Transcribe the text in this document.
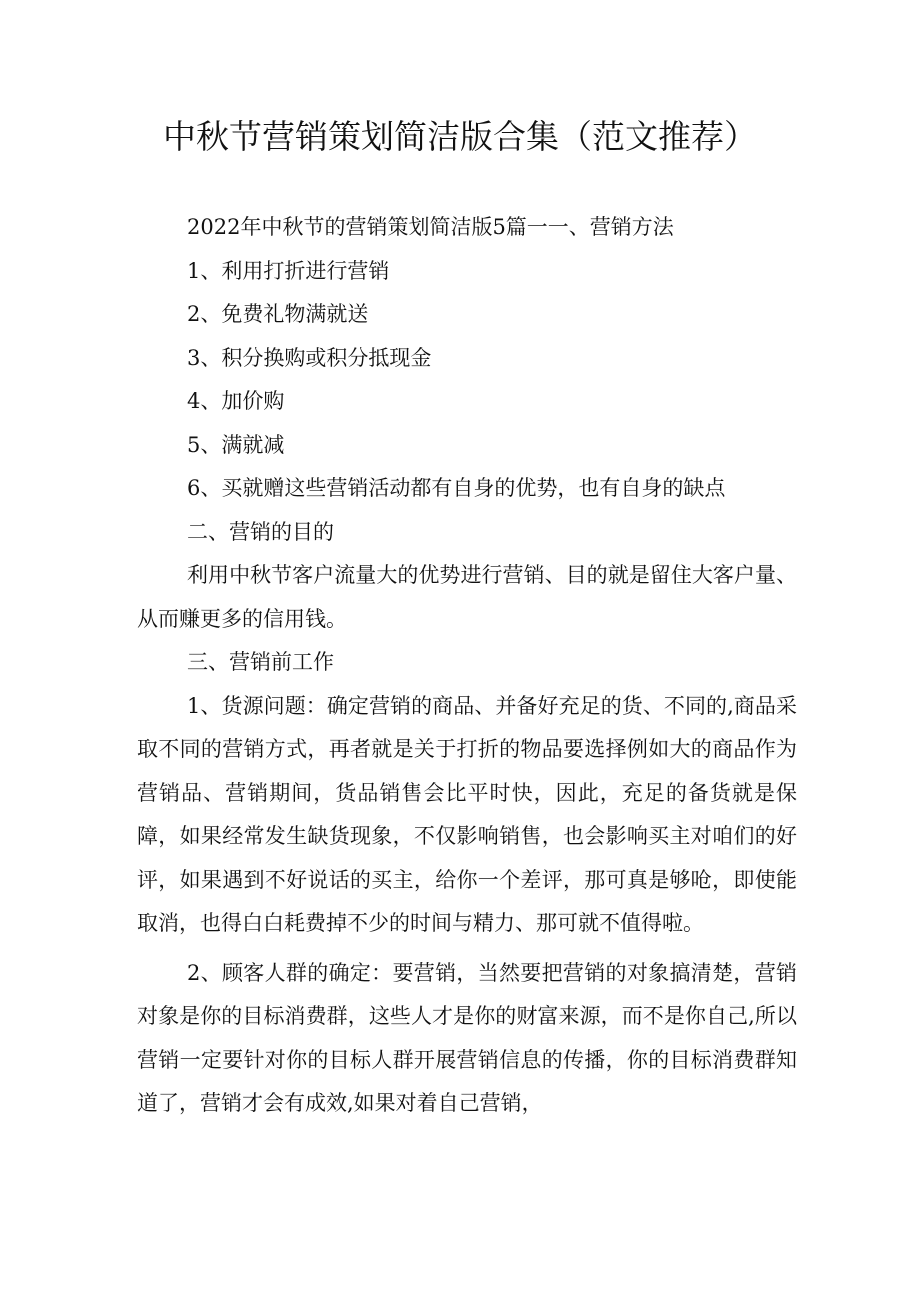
中秋节营销策划简洁版合集（范文推荐）

2022年中秋节的营销策划简洁版5篇一一、营销方法

1、利用打折进行营销

2、免费礼物满就送

3、积分换购或积分抵现金

4、加价购

5、满就减

6、买就赠这些营销活动都有自身的优势，也有自身的缺点

二、营销的目的

利用中秋节客户流量大的优势进行营销、目的就是留住大客户量、从而赚更多的信用钱。

三、营销前工作

1、货源问题：确定营销的商品、并备好充足的货、不同的,商品采取不同的营销方式，再者就是关于打折的物品要选择例如大的商品作为营销品、营销期间，货品销售会比平时快，因此，充足的备货就是保障，如果经常发生缺货现象，不仅影响销售，也会影响买主对咱们的好评，如果遇到不好说话的买主，给你一个差评，那可真是够呛，即使能取消，也得白白耗费掉不少的时间与精力、那可就不值得啦。

2、顾客人群的确定：要营销，当然要把营销的对象搞清楚，营销对象是你的目标消费群，这些人才是你的财富来源，而不是你自己,所以营销一定要针对你的目标人群开展营销信息的传播，你的目标消费群知道了，营销才会有成效,如果对着自己营销，
